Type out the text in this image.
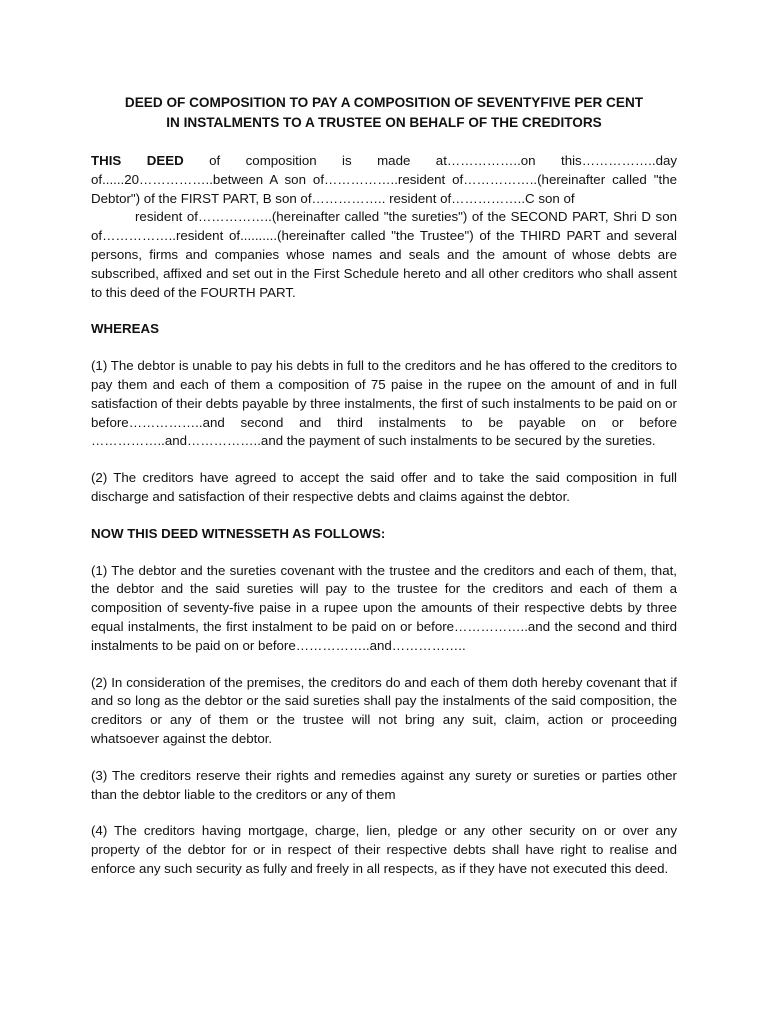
DEED OF COMPOSITION TO PAY A COMPOSITION OF SEVENTYFIVE PER CENT
IN INSTALMENTS TO A TRUSTEE ON BEHALF OF THE CREDITORS

THIS DEED of composition is made at……………..on this……………..day of......20……………..between A son of……………..resident of……………..(hereinafter called "the Debtor") of the FIRST PART, B son of…………….. resident of……………..C son of
resident of……………..(hereinafter called "the sureties") of the SECOND PART, Shri D son of……………..resident of..........(hereinafter called "the Trustee") of the THIRD PART and several persons, firms and companies whose names and seals and the amount of whose debts are subscribed, affixed and set out in the First Schedule hereto and all other creditors who shall assent to this deed of the FOURTH PART.

WHEREAS

(1) The debtor is unable to pay his debts in full to the creditors and he has offered to the creditors to pay them and each of them a composition of 75 paise in the rupee on the amount of and in full satisfaction of their debts payable by three instalments, the first of such instalments to be paid on or before……………..and second and third instalments to be payable on or before ……………..and……………..and the payment of such instalments to be secured by the sureties.

(2) The creditors have agreed to accept the said offer and to take the said composition in full discharge and satisfaction of their respective debts and claims against the debtor.

NOW THIS DEED WITNESSETH AS FOLLOWS:

(1) The debtor and the sureties covenant with the trustee and the creditors and each of them, that, the debtor and the said sureties will pay to the trustee for the creditors and each of them a composition of seventy-five paise in a rupee upon the amounts of their respective debts by three equal instalments, the first instalment to be paid on or before……………..and the second and third instalments to be paid on or before……………..and……………..

(2) In consideration of the premises, the creditors do and each of them doth hereby covenant that if and so long as the debtor or the said sureties shall pay the instalments of the said composition, the creditors or any of them or the trustee will not bring any suit, claim, action or proceeding whatsoever against the debtor.

(3) The creditors reserve their rights and remedies against any surety or sureties or parties other than the debtor liable to the creditors or any of them

(4) The creditors having mortgage, charge, lien, pledge or any other security on or over any property of the debtor for or in respect of their respective debts shall have right to realise and enforce any such security as fully and freely in all respects, as if they have not executed this deed.
